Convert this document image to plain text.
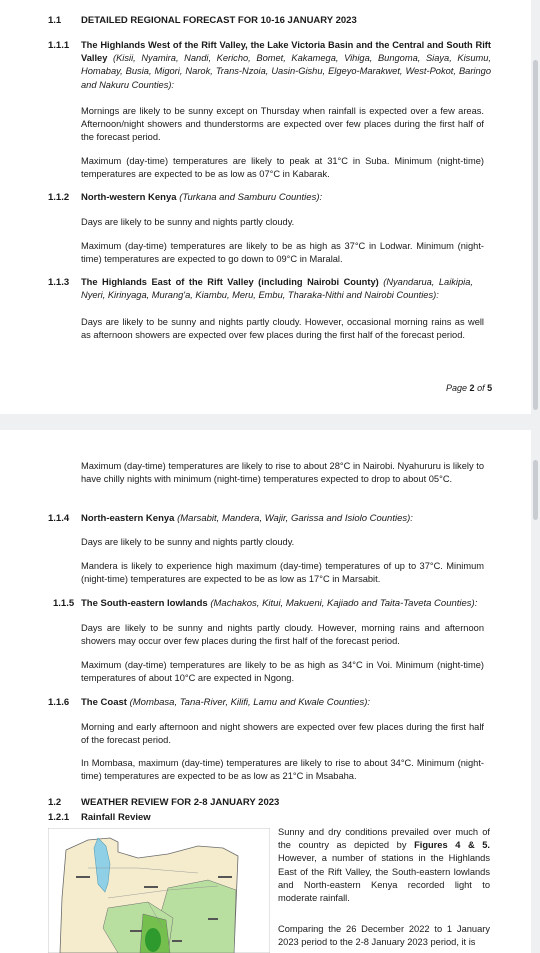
1.1 DETAILED REGIONAL FORECAST FOR 10-16 JANUARY 2023
1.1.1 The Highlands West of the Rift Valley, the Lake Victoria Basin and the Central and South Rift Valley (Kisii, Nyamira, Nandi, Kericho, Bomet, Kakamega, Vihiga, Bungoma, Siaya, Kisumu, Homabay, Busia, Migori, Narok, Trans-Nzoia, Uasin-Gishu, Elgeyo-Marakwet, West-Pokot, Baringo and Nakuru Counties):
Mornings are likely to be sunny except on Thursday when rainfall is expected over a few areas. Afternoon/night showers and thunderstorms are expected over few places during the first half of the forecast period.
Maximum (day-time) temperatures are likely to peak at 31°C in Suba. Minimum (night-time) temperatures are expected to be as low as 07°C in Kabarak.
1.1.2 North-western Kenya (Turkana and Samburu Counties):
Days are likely to be sunny and nights partly cloudy.
Maximum (day-time) temperatures are likely to be as high as 37°C in Lodwar. Minimum (night-time) temperatures are expected to go down to 09°C in Maralal.
1.1.3 The Highlands East of the Rift Valley (including Nairobi County) (Nyandarua, Laikipia, Nyeri, Kirinyaga, Murang'a, Kiambu, Meru, Embu, Tharaka-Nithi and Nairobi Counties):
Days are likely to be sunny and nights partly cloudy. However, occasional morning rains as well as afternoon showers are expected over few places during the first half of the forecast period.
Page 2 of 5
Maximum (day-time) temperatures are likely to rise to about 28°C in Nairobi. Nyahururu is likely to have chilly nights with minimum (night-time) temperatures expected to drop to about 05°C.
1.1.4 North-eastern Kenya (Marsabit, Mandera, Wajir, Garissa and Isiolo Counties):
Days are likely to be sunny and nights partly cloudy.
Mandera is likely to experience high maximum (day-time) temperatures of up to 37°C. Minimum (night-time) temperatures are expected to be as low as 17°C in Marsabit.
1.1.5 The South-eastern lowlands (Machakos, Kitui, Makueni, Kajiado and Taita-Taveta Counties):
Days are likely to be sunny and nights partly cloudy. However, morning rains and afternoon showers may occur over few places during the first half of the forecast period.
Maximum (day-time) temperatures are likely to be as high as 34°C in Voi. Minimum (night-time) temperatures of about 10°C are expected in Ngong.
1.1.6 The Coast (Mombasa, Tana-River, Kilifi, Lamu and Kwale Counties):
Morning and early afternoon and night showers are expected over few places during the first half of the forecast period.
In Mombasa, maximum (day-time) temperatures are likely to rise to about 34°C. Minimum (night-time) temperatures are expected to be as low as 21°C in Msabaha.
1.2 WEATHER REVIEW FOR 2-8 JANUARY 2023
1.2.1 Rainfall Review
Sunny and dry conditions prevailed over much of the country as depicted by Figures 4 & 5. However, a number of stations in the Highlands East of the Rift Valley, the South-eastern lowlands and North-eastern Kenya recorded light to moderate rainfall.
Comparing the 26 December 2022 to 1 January 2023 period to the 2-8 January 2023 period, it is
